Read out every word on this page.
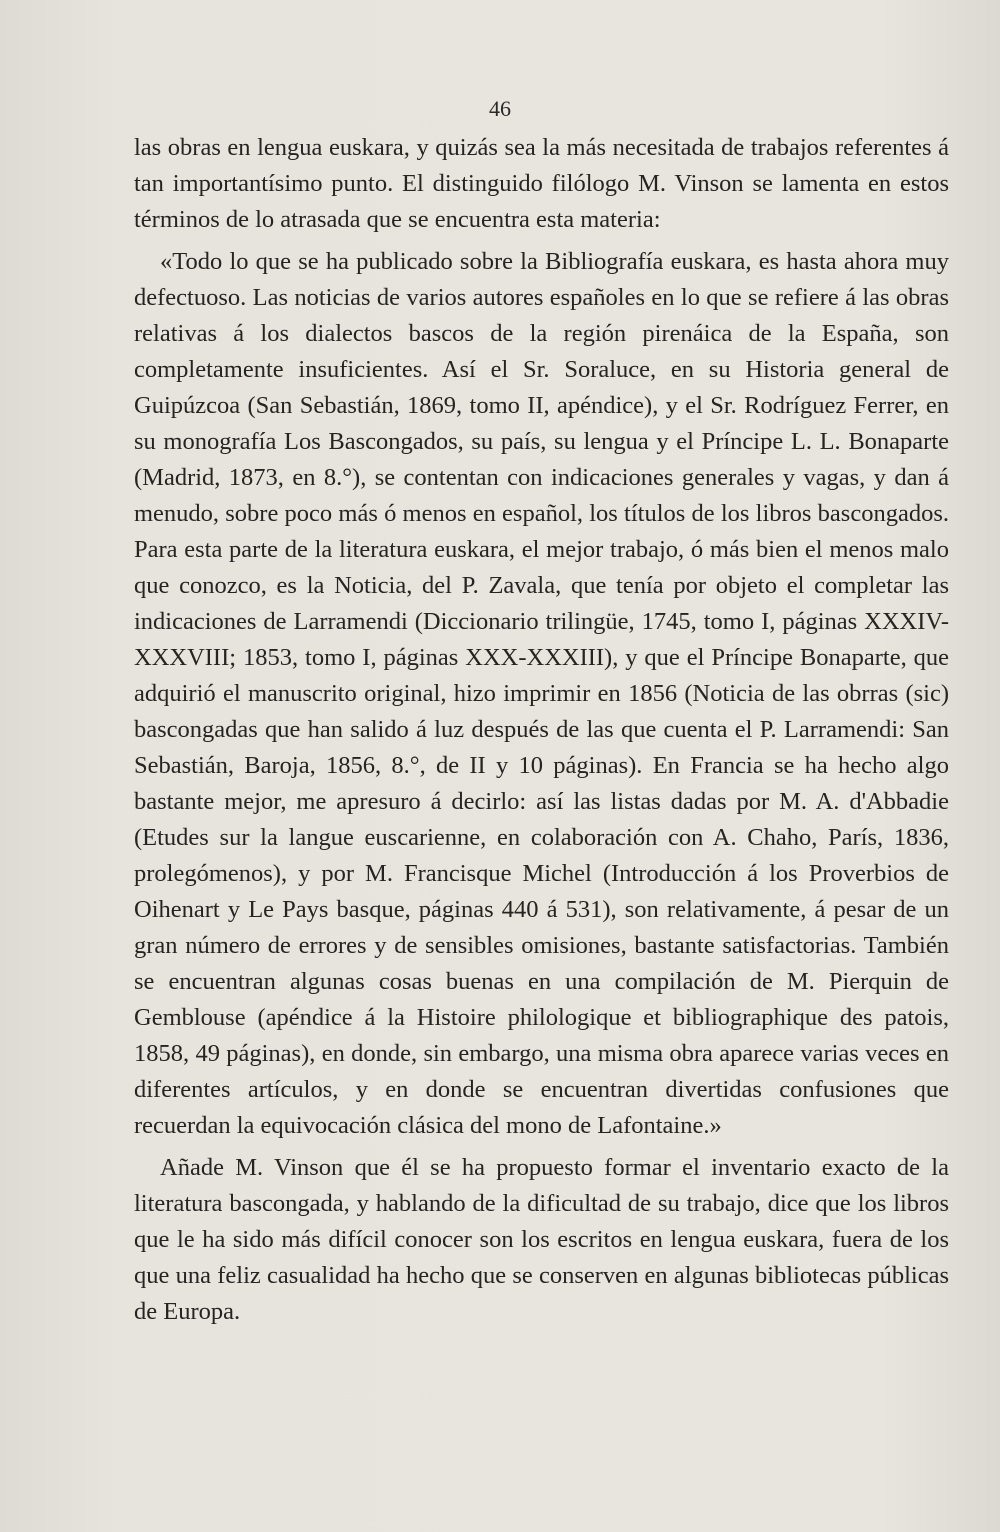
46

las obras en lengua euskara, y quizás sea la más necesitada de trabajos referentes á tan importantísimo punto. El distinguido filólogo M. Vinson se lamenta en estos términos de lo atrasada que se encuentra esta materia:

«Todo lo que se ha publicado sobre la Bibliografía euskara, es hasta ahora muy defectuoso. Las noticias de varios autores españoles en lo que se refiere á las obras relativas á los dialectos bascos de la región pirenáica de la España, son completamente insuficientes. Así el Sr. Soraluce, en su Historia general de Guipúzcoa (San Sebastián, 1869, tomo II, apéndice), y el Sr. Rodríguez Ferrer, en su monografía Los Bascongados, su país, su lengua y el Príncipe L. L. Bonaparte (Madrid, 1873, en 8.°), se contentan con indicaciones generales y vagas, y dan á menudo, sobre poco más ó menos en español, los títulos de los libros bascongados. Para esta parte de la literatura euskara, el mejor trabajo, ó más bien el menos malo que conozco, es la Noticia, del P. Zavala, que tenía por objeto el completar las indicaciones de Larramendi (Diccionario trilingüe, 1745, tomo I, páginas XXXIV-XXXVIII; 1853, tomo I, páginas XXX-XXXIII), y que el Príncipe Bonaparte, que adquirió el manuscrito original, hizo imprimir en 1856 (Noticia de las obrras (sic) bascongadas que han salido á luz después de las que cuenta el P. Larramendi: San Sebastián, Baroja, 1856, 8.°, de II y 10 páginas). En Francia se ha hecho algo bastante mejor, me apresuro á decirlo: así las listas dadas por M. A. d'Abbadie (Etudes sur la langue euscarienne, en colaboración con A. Chaho, París, 1836, prolegómenos), y por M. Francisque Michel (Introducción á los Proverbios de Oihenart y Le Pays basque, páginas 440 á 531), son relativamente, á pesar de un gran número de errores y de sensibles omisiones, bastante satisfactorias. También se encuentran algunas cosas buenas en una compilación de M. Pierquin de Gemblouse (apéndice á la Histoire philologique et bibliographique des patois, 1858, 49 páginas), en donde, sin embargo, una misma obra aparece varias veces en diferentes artículos, y en donde se encuentran divertidas confusiones que recuerdan la equivocación clásica del mono de Lafontaine.»

Añade M. Vinson que él se ha propuesto formar el inventario exacto de la literatura bascongada, y hablando de la dificultad de su trabajo, dice que los libros que le ha sido más difícil conocer son los escritos en lengua euskara, fuera de los que una feliz casualidad ha hecho que se conserven en algunas bibliotecas públicas de Europa.
